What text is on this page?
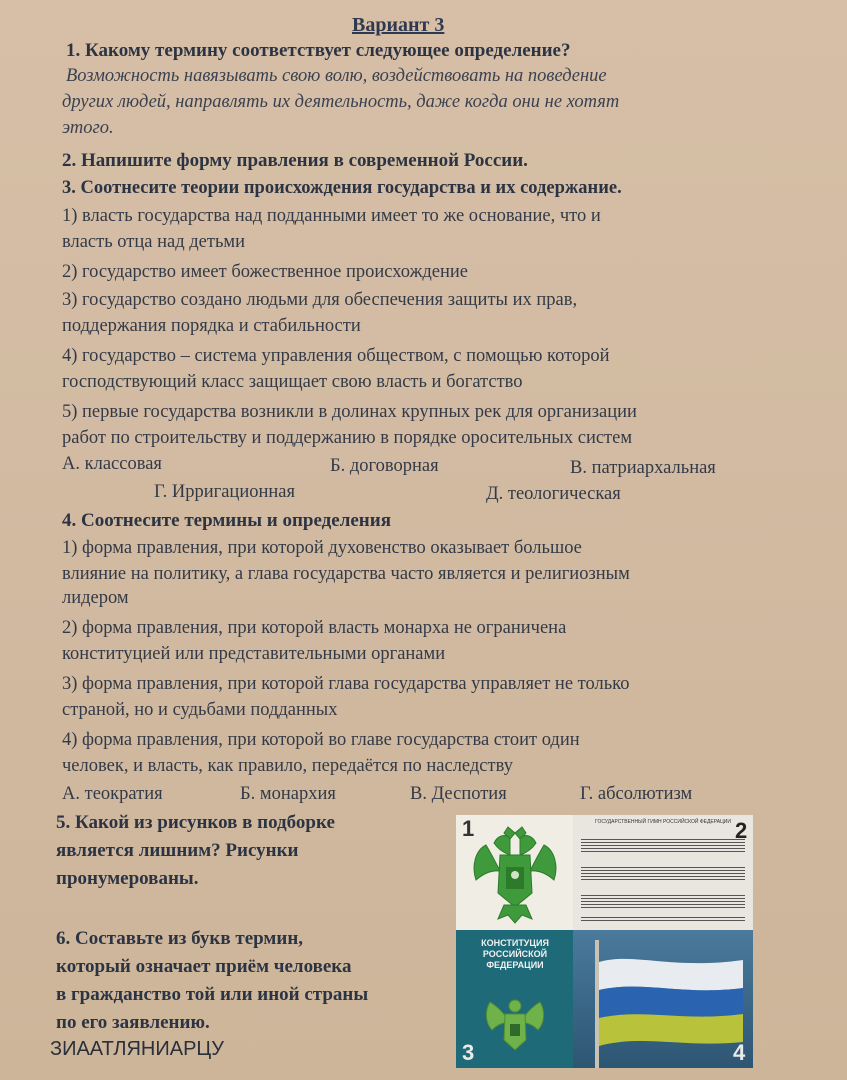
Вариант 3
1. Какому термину соответствует следующее определение?
Возможность навязывать свою волю, воздействовать на поведение
других людей, направлять их деятельность, даже когда они не хотят
этого.
2. Напишите форму правления в современной России.
3. Соотнесите теории происхождения государства и их содержание.
1) власть государства над подданными имеет то же основание, что и
власть отца над детьми
2) государство имеет божественное происхождение
3) государство создано людьми для обеспечения защиты их прав,
поддержания порядка и стабильности
4) государство – система управления обществом, с помощью которой
господствующий класс защищает свою власть и богатство
5) первые государства возникли в долинах крупных рек для организации
работ по строительству и поддержанию в порядке оросительных систем
А. классовая	Б. договорная	В. патриархальная
Г. Ирригационная	Д. теологическая
4. Соотнесите термины и определения
1) форма правления, при которой духовенство оказывает большое
влияние на политику, а глава государства часто является и религиозным
лидером
2) форма правления, при которой власть монарха не ограничена
конституцией или представительными органами
3) форма правления, при которой глава государства управляет не только
страной, но и судьбами подданных
4) форма правления, при которой во главе государства стоит один
человек, и власть, как правило, передаётся по наследству
А. теократия	Б. монархия	В. Деспотия	Г. абсолютизм
5. Какой из рисунков в подборке
является лишним? Рисунки
пронумерованы.
6. Составьте из букв термин,
который означает приём человека
в гражданство той или иной страны
по его заявлению.
ЗИААТЛЯНИАРЦУ
1	ГОСУДАРСТВЕННЫЙ ГИМН РОССИЙСКОЙ ФЕДЕРАЦИИ 2
КОНСТИТУЦИЯ РОССИЙСКОЙ ФЕДЕРАЦИИ
3	4
